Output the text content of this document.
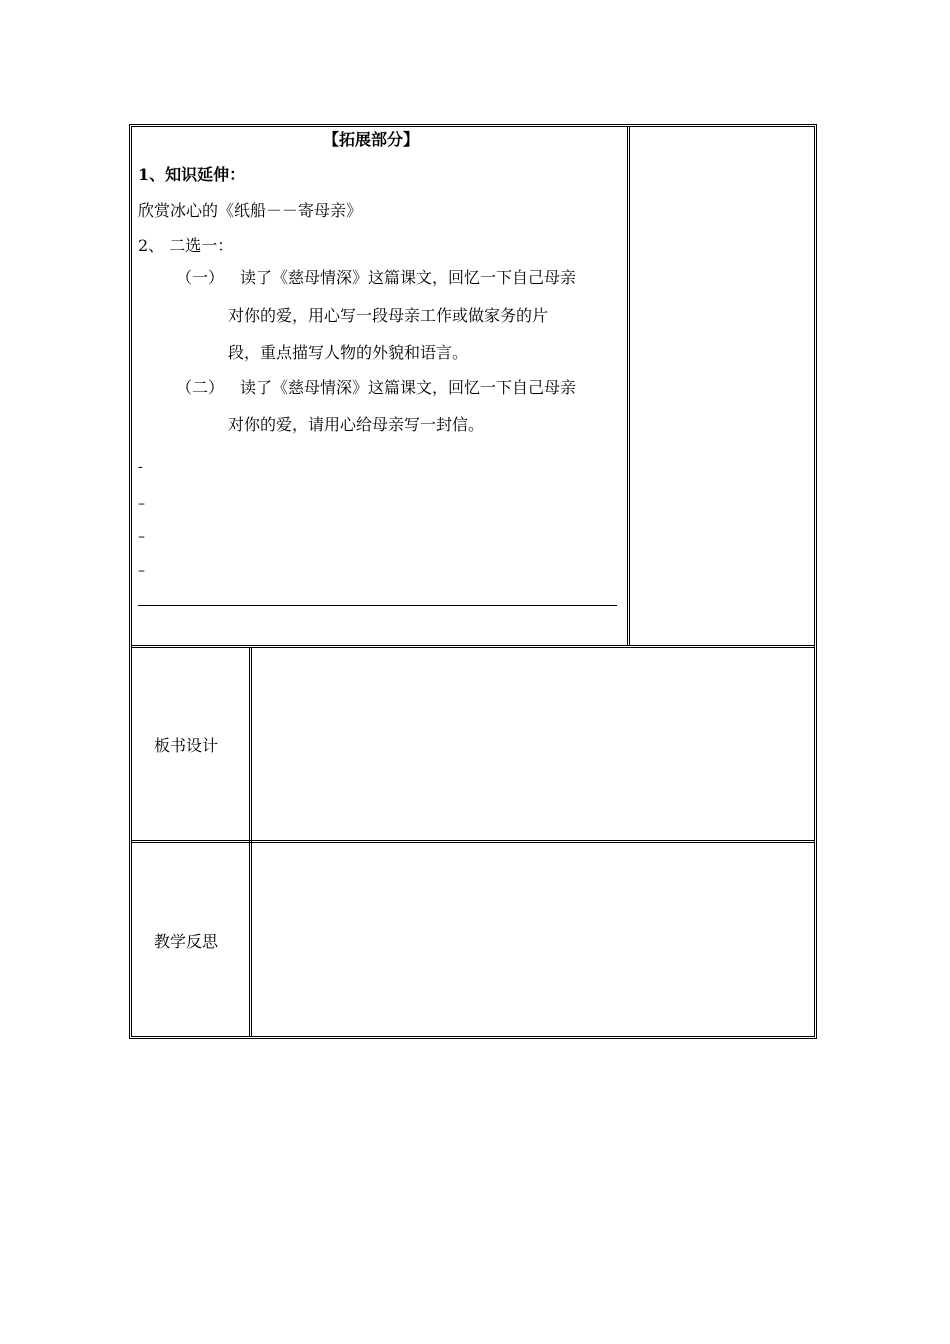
【拓展部分】
1、知识延伸：
欣赏冰心的《纸船－－寄母亲》
2、 二选一：
（一） 读了《慈母情深》这篇课文，回忆一下自己母亲
对你的爱，用心写一段母亲工作或做家务的片
段，重点描写人物的外貌和语言。
（二） 读了《慈母情深》这篇课文，回忆一下自己母亲
对你的爱，请用心给母亲写一封信。
-
–
–
–
板书设计
教学反思
